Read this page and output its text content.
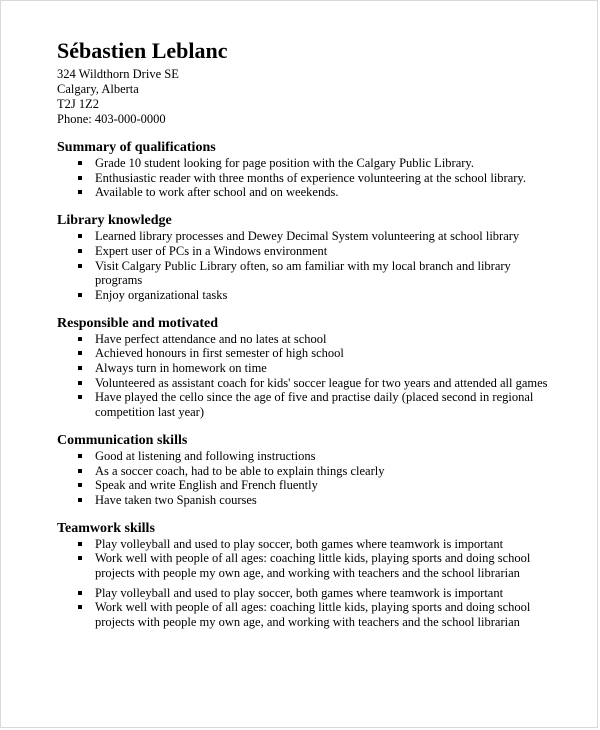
Sébastien Leblanc
324 Wildthorn Drive SE
Calgary, Alberta
T2J 1Z2
Phone: 403-000-0000
Summary of qualifications
Grade 10 student looking for page position with the Calgary Public Library.
Enthusiastic reader with three months of experience volunteering at the school library.
Available to work after school and on weekends.
Library knowledge
Learned library processes and Dewey Decimal System volunteering at school library
Expert user of PCs in a Windows environment
Visit Calgary Public Library often, so am familiar with my local branch and library programs
Enjoy organizational tasks
Responsible and motivated
Have perfect attendance and no lates at school
Achieved honours in first semester of high school
Always turn in homework on time
Volunteered as assistant coach for kids' soccer league for two years and attended all games
Have played the cello since the age of five and practise daily (placed second in regional competition last year)
Communication skills
Good at listening and following instructions
As a soccer coach, had to be able to explain things clearly
Speak and write English and French fluently
Have taken two Spanish courses
Teamwork skills
Play volleyball and used to play soccer, both games where teamwork is important
Work well with people of all ages: coaching little kids, playing sports and doing school projects with people my own age, and working with teachers and the school librarian
Play volleyball and used to play soccer, both games where teamwork is important
Work well with people of all ages: coaching little kids, playing sports and doing school projects with people my own age, and working with teachers and the school librarian
